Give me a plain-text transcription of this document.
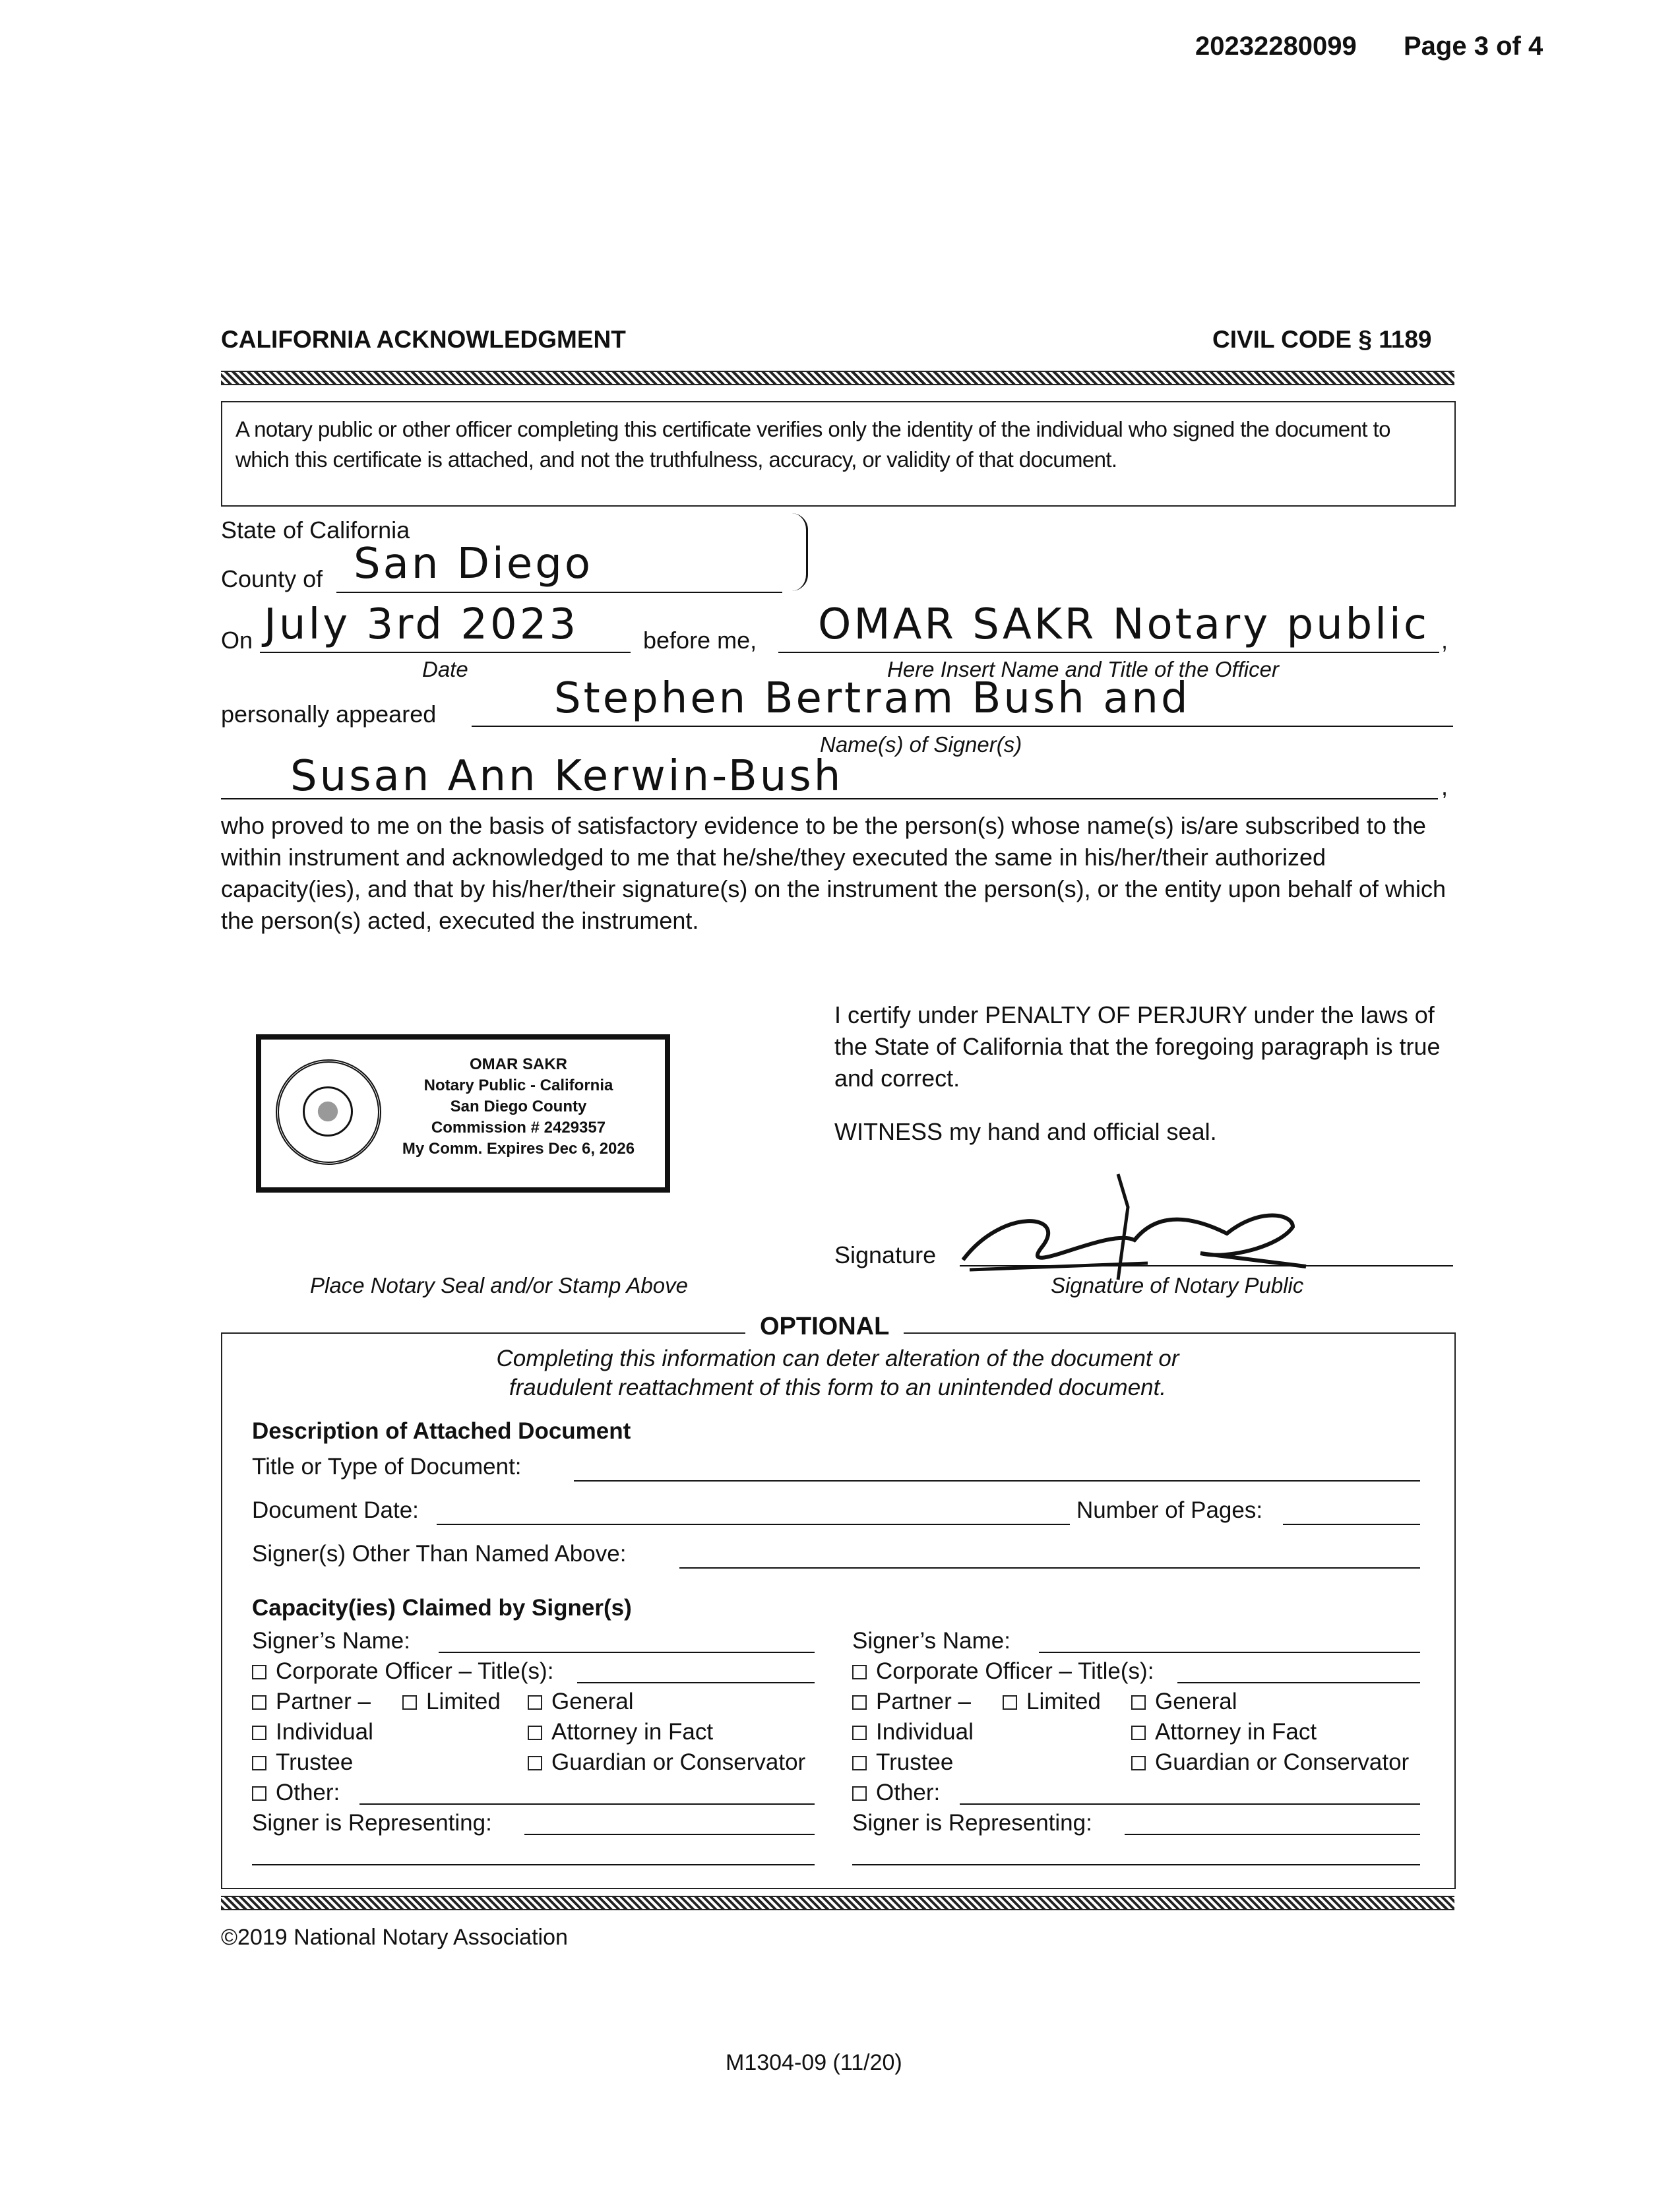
20232280099 Page 3 of 4
CALIFORNIA ACKNOWLEDGMENT	CIVIL CODE § 1189
A notary public or other officer completing this certificate verifies only the identity of the individual who signed the document to which this certificate is attached, and not the truthfulness, accuracy, or validity of that document.
State of California
County of San Diego
On July 3rd 2023
Date
before me, OMAR SAKR Notary public ,
Here Insert Name and Title of the Officer
personally appeared	Stephen Bertram Bush and
Name(s) of Signer(s)
Susan Ann Kerwin-Bush	,
who proved to me on the basis of satisfactory evidence to be the person(s) whose name(s) is/are subscribed to the within instrument and acknowledged to me that he/she/they executed the same in his/her/their authorized capacity(ies), and that by his/her/their signature(s) on the instrument the person(s), or the entity upon behalf of which the person(s) acted, executed the instrument.
I certify under PENALTY OF PERJURY under the laws of the State of California that the foregoing paragraph is true and correct.
WITNESS my hand and official seal.
OMAR SAKR
Notary Public - California
San Diego County
Commission # 2429357
My Comm. Expires Dec 6, 2026
Place Notary Seal and/or Stamp Above
Signature
Signature of Notary Public
OPTIONAL
Completing this information can deter alteration of the document or
fraudulent reattachment of this form to an unintended document.
Description of Attached Document
Title or Type of Document:
Document Date:	Number of Pages:
Signer(s) Other Than Named Above:
Capacity(ies) Claimed by Signer(s)
Signer’s Name:
Corporate Officer – Title(s):
Partner –	Limited	General
Individual	Attorney in Fact
Trustee	Guardian or Conservator
Other:
Signer is Representing:
Signer’s Name:
Corporate Officer – Title(s):
Partner –	Limited	General
Individual	Attorney in Fact
Trustee	Guardian or Conservator
Other:
Signer is Representing:
©2019 National Notary Association
M1304-09 (11/20)
